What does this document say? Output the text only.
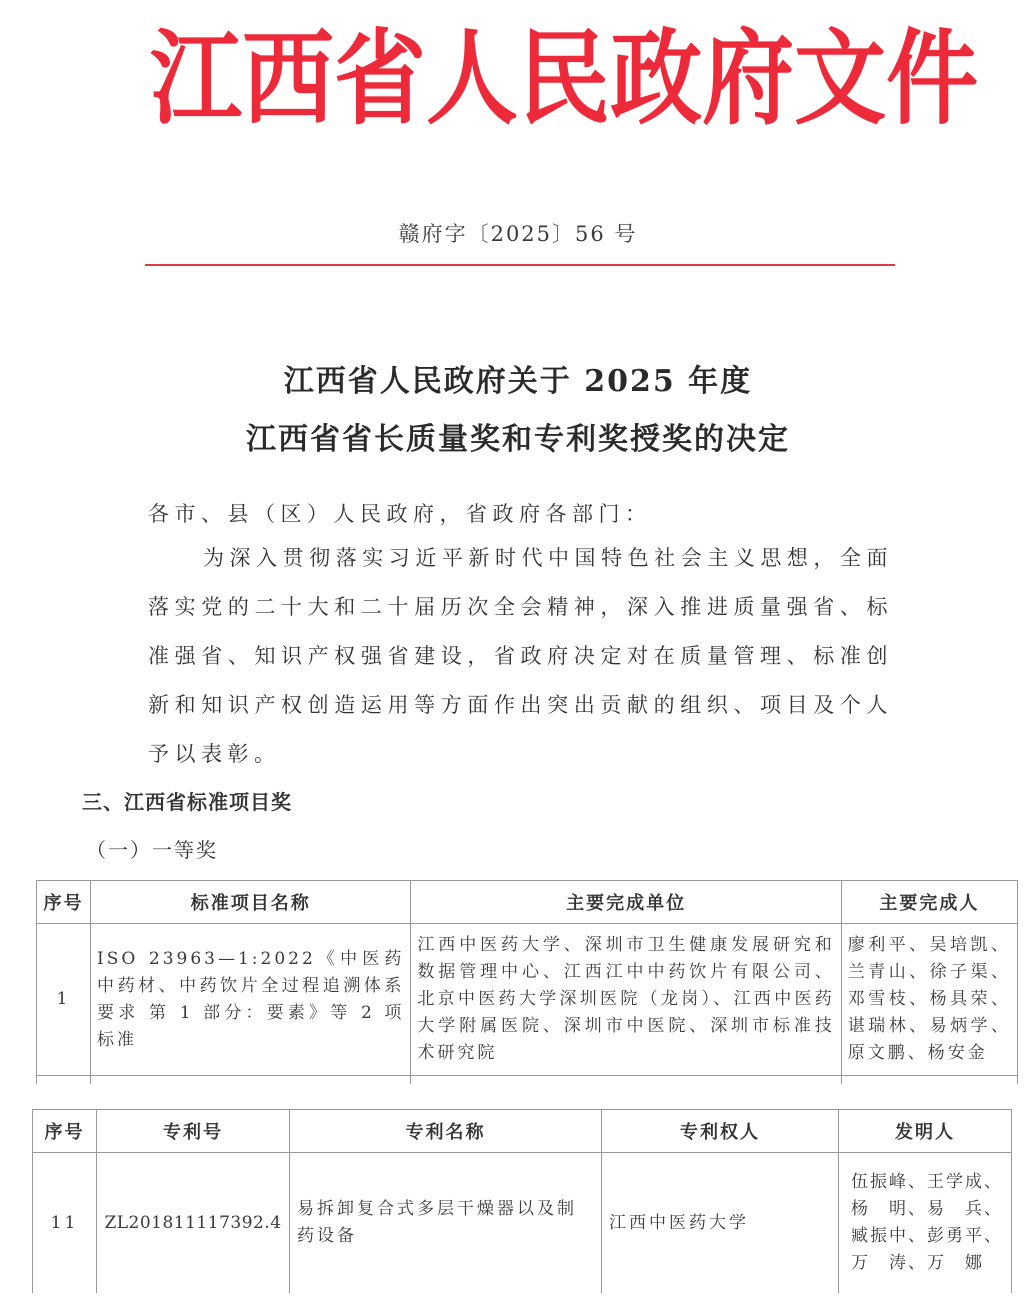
江 西 省 人 民 政 府 文 件
赣府字〔2025〕56 号
江西省人民政府关于 2025 年度
江西省省长质量奖和专利奖授奖的决定
各市、县（区）人民政府，省政府各部门：
为深入贯彻落实习近平新时代中国特色社会主义思想，全面落实党的二十大和二十届历次全会精神，深入推进质量强省、标准强省、知识产权强省建设，省政府决定对在质量管理、标准创新和知识产权创造运用等方面作出突出贡献的组织、项目及个人予以表彰。
三、江西省标准项目奖
（一）一等奖
序号	标准项目名称	主要完成单位	主要完成人
1	ISO 23963—1:2022《中医药 中药材、中药饮片全过程追溯体系要求 第 1 部分：要素》等 2 项标准	江西中医药大学、深圳市卫生健康发展研究和数据管理中心、江西江中中药饮片有限公司、北京中医药大学深圳医院（龙岗）、江西中医药大学附属医院、深圳市中医院、深圳市标准技术研究院	廖利平、吴培凯、兰青山、徐子渠、邓雪枝、杨具荣、谌瑞林、易炳学、原文鹏、杨安金

序号	专利号	专利名称	专利权人	发明人
11	ZL201811117392.4	易拆卸复合式多层干燥器以及制药设备	江西中医药大学	伍振峰、王学成、
杨　明、易　兵、
臧振中、彭勇平、
万　涛、万　娜
